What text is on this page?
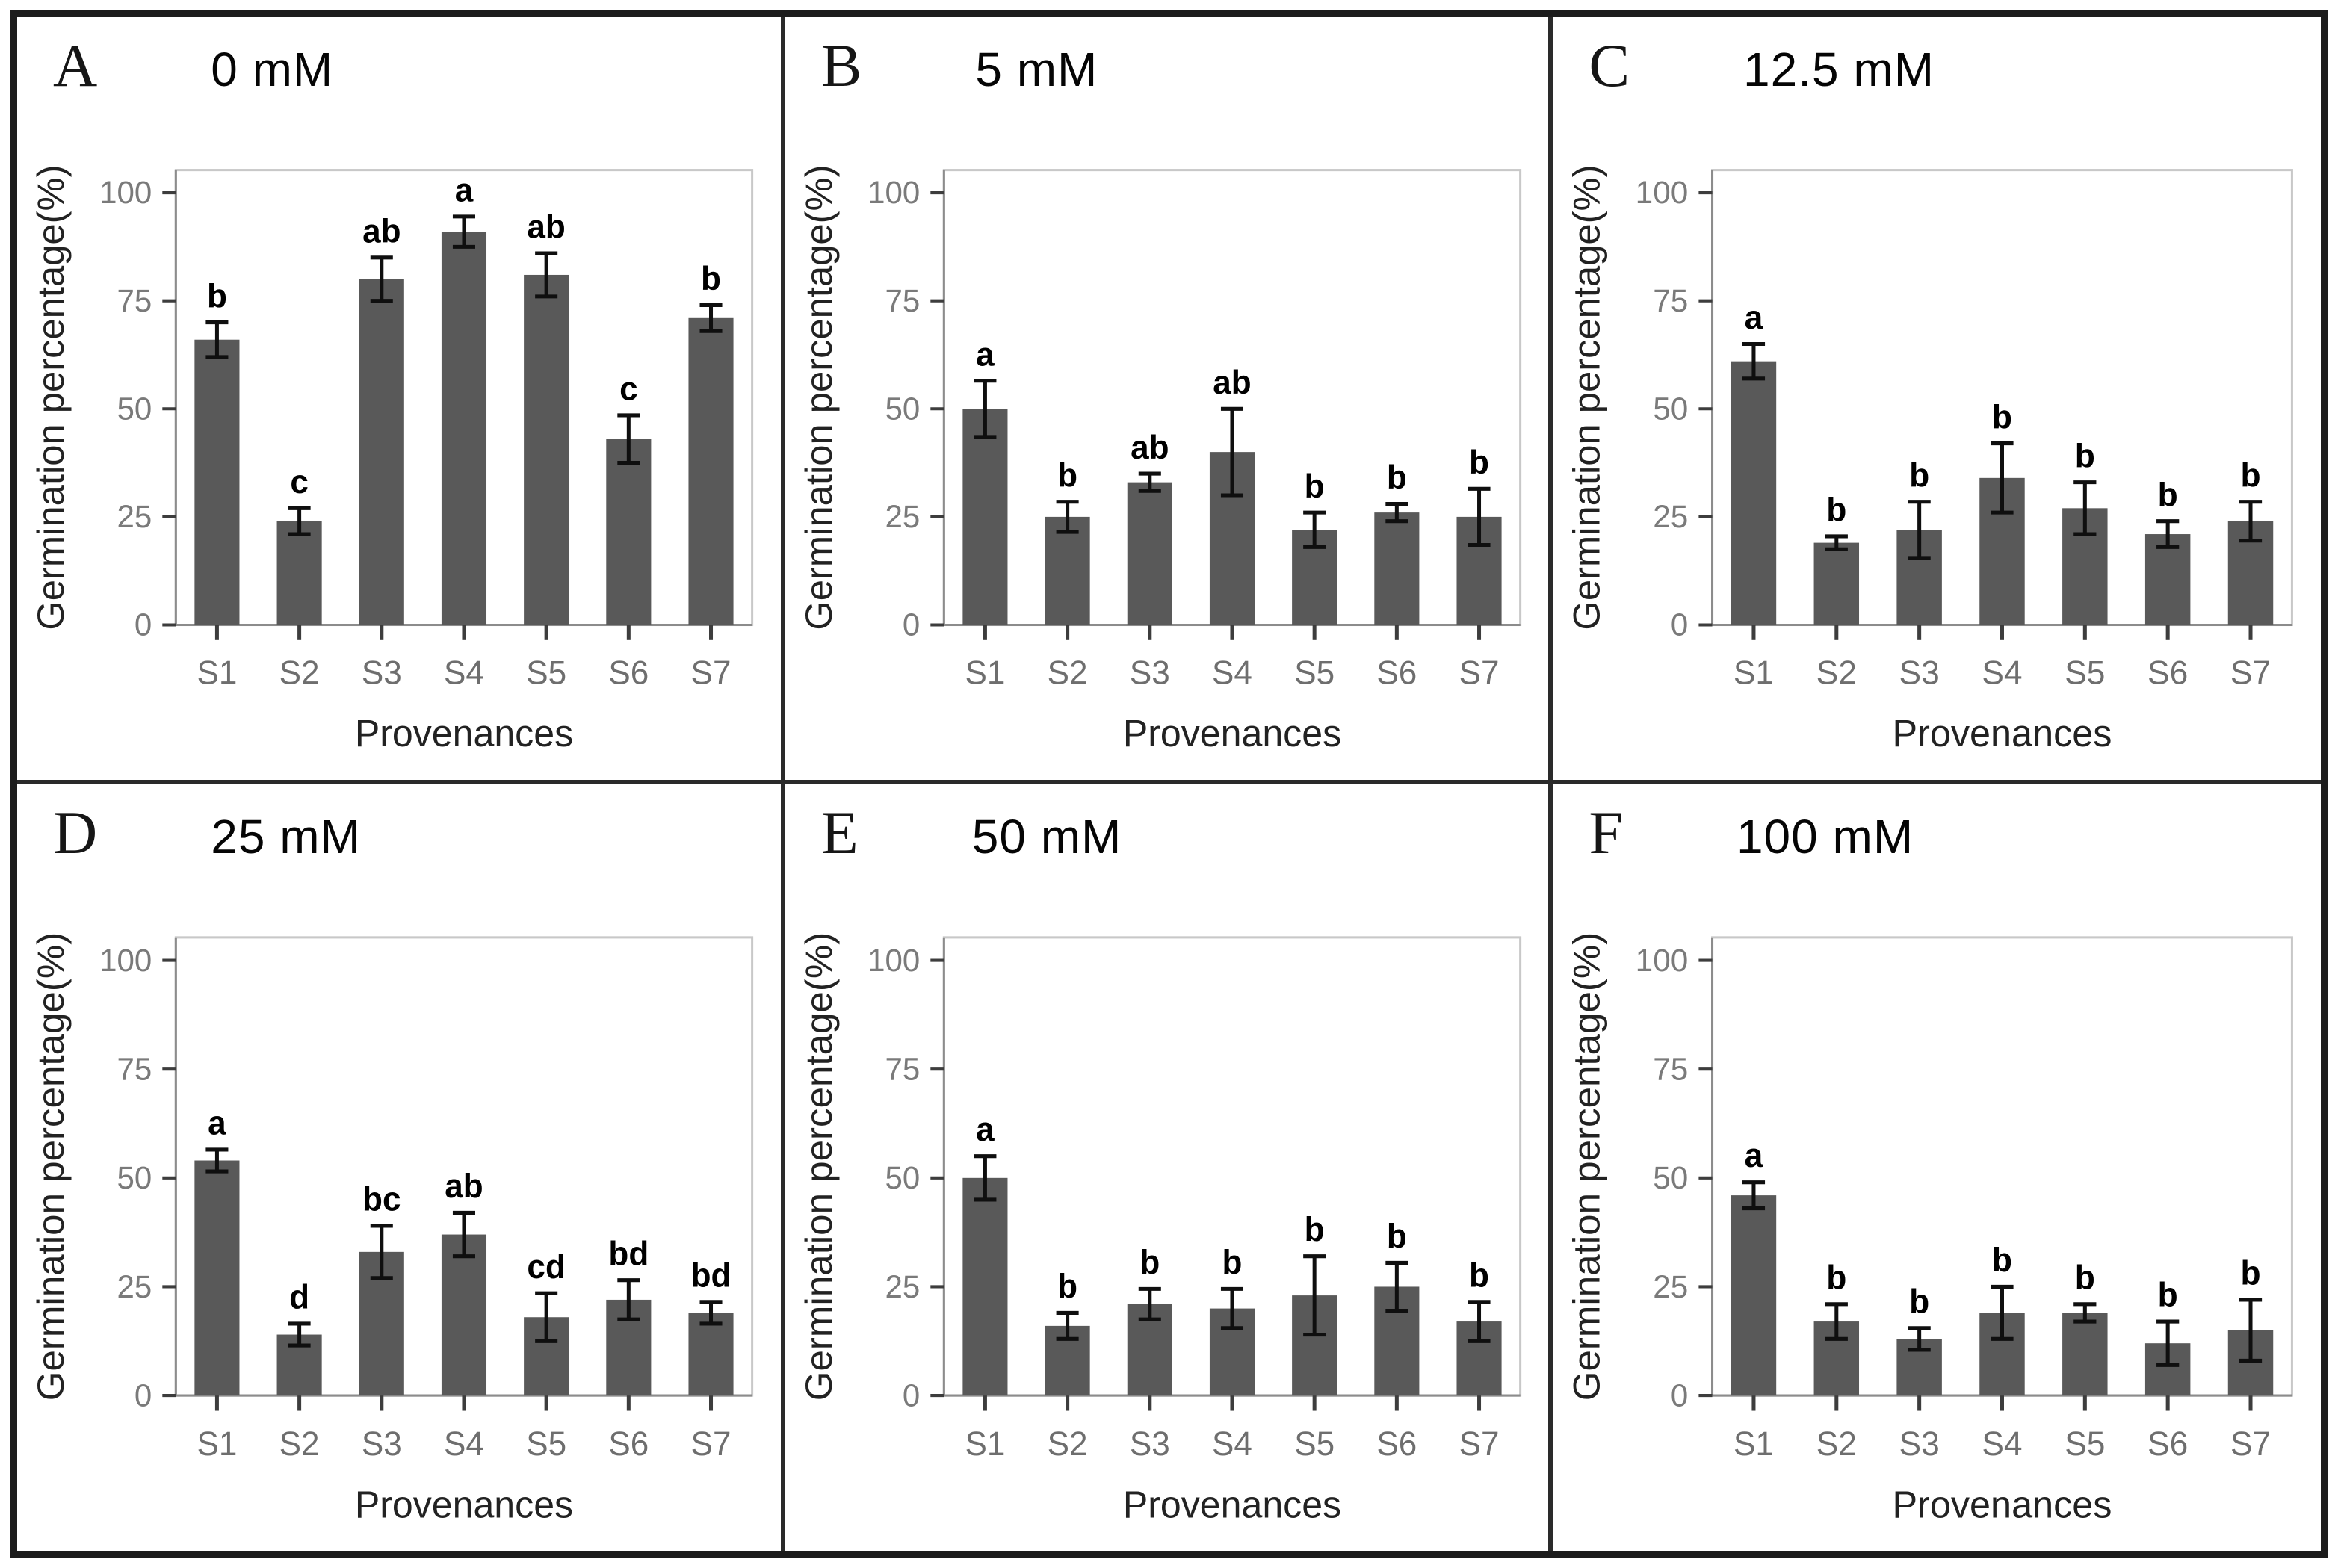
A 0 mM
0
25
50
75
100
b
S1
c
S2
ab
S3
a
S4
ab
S5
c
S6
b
S7
Germination percentage(%)
Provenances
B 5 mM
0
25
50
75
100
a
S1
b
S2
ab
S3
ab
S4
b
S5
b
S6
b
S7
Germination percentage(%)
Provenances
C 12.5 mM
0
25
50
75
100
a
S1
b
S2
b
S3
b
S4
b
S5
b
S6
b
S7
Germination percentage(%)
Provenances
D 25 mM
0
25
50
75
100
a
S1
d
S2
bc
S3
ab
S4
cd
S5
bd
S6
bd
S7
Germination percentage(%)
Provenances
E 50 mM
0
25
50
75
100
a
S1
b
S2
b
S3
b
S4
b
S5
b
S6
b
S7
Germination percentage(%)
Provenances
F 100 mM
0
25
50
75
100
a
S1
b
S2
b
S3
b
S4
b
S5
b
S6
b
S7
Germination percentage(%)
Provenances
